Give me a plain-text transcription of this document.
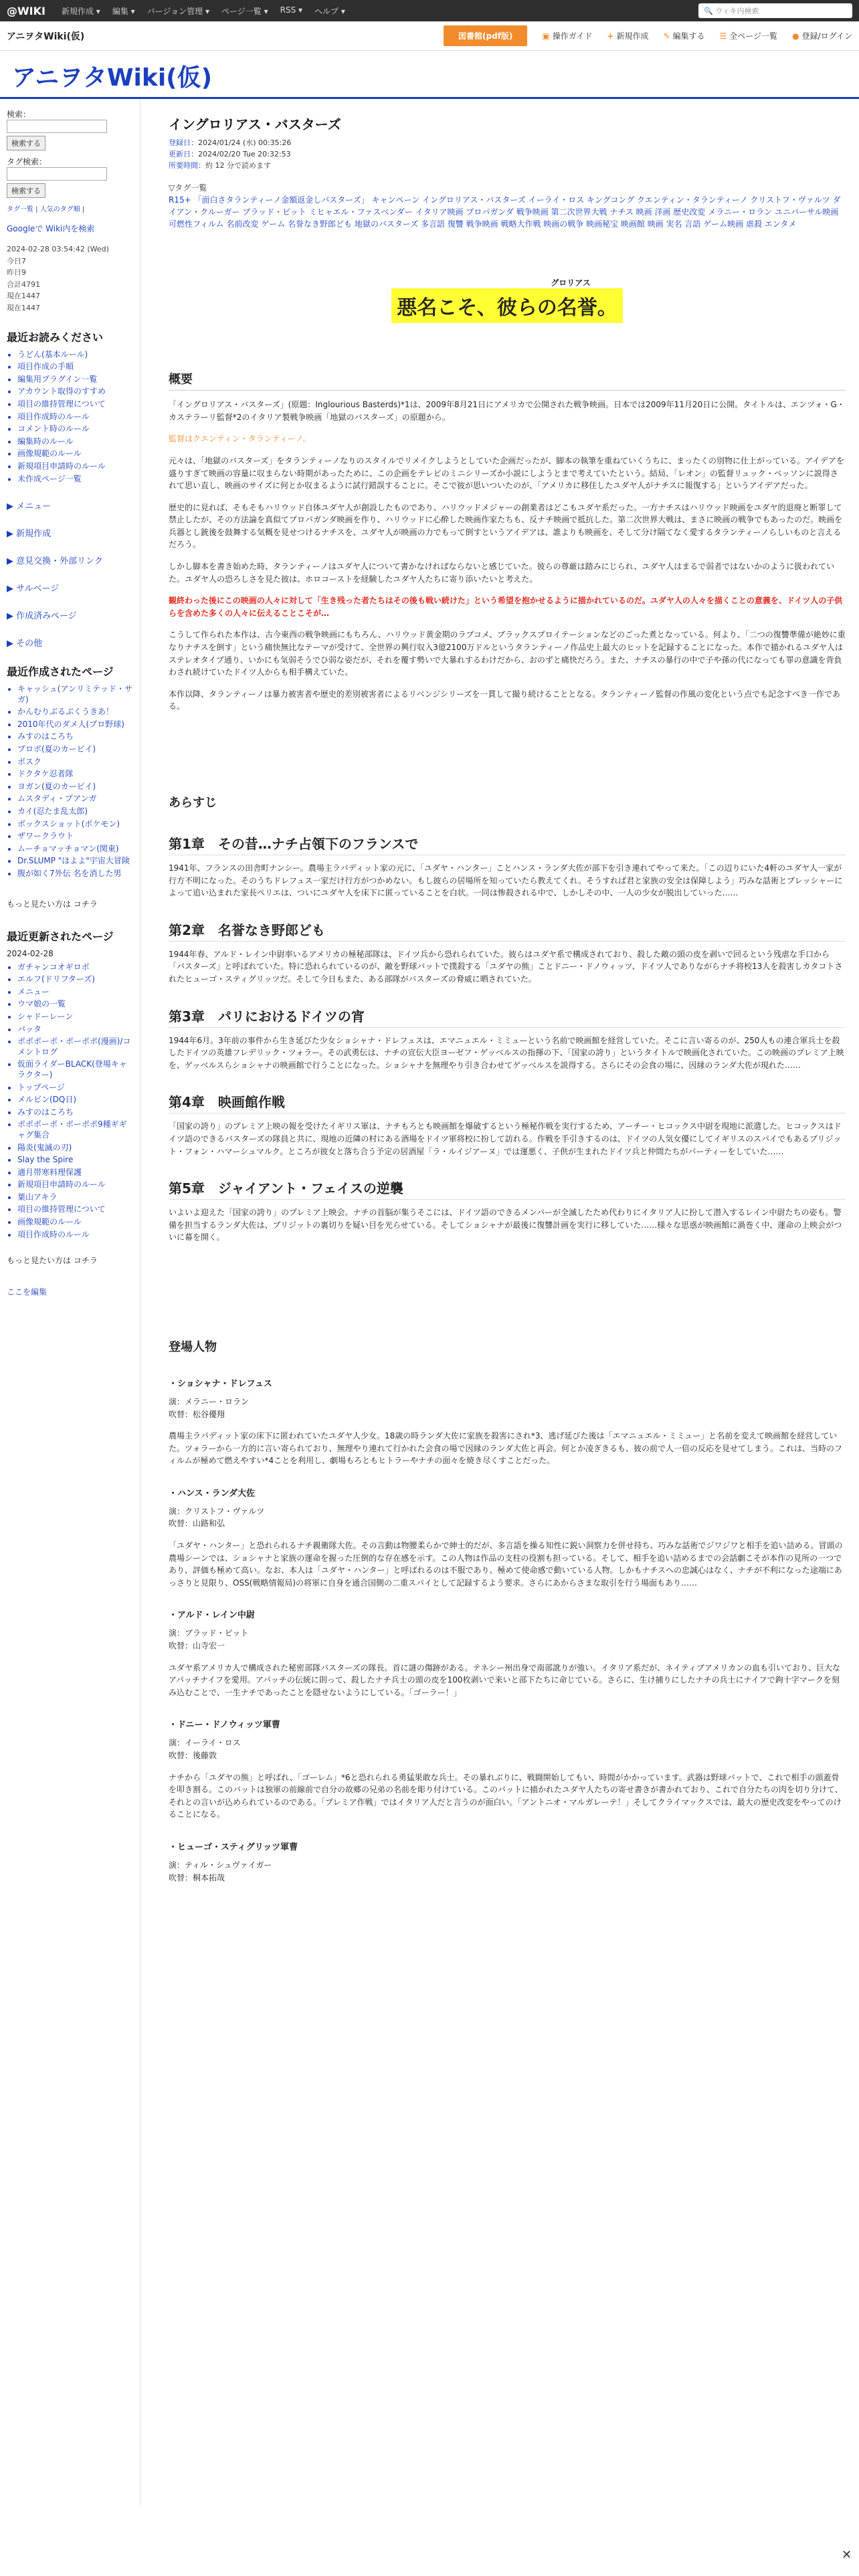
@WIKI 新規作成 ▾ 編集 ▾ バージョン管理 ▾ ページ一覧 ▾ RSS ▾ ヘルプ ▾	🔍 ウィキ内検索
アニヲタWiki(仮)	図書館(pdf版)	▣ 操作ガイド + 新規作成 ✎ 編集する ☰ 全ページ一覧 ● 登録/ログイン
アニヲタWiki(仮)
検索：
検索する
タグ検索：
検索する
タグ一覧 | 人気のタグ順 |
Googleで Wiki内を検索
2024-02-28 03:54:42 (Wed)
今日7
昨日9
合計4791
現在1447
現在1447
最近お読みください
• うどん(基本ルール)
• 項目作成の手順
• 編集用プラグイン一覧
• アカウント取得のすすめ
• 項目の維持管理について
• 項目作成時のルール
• コメント時のルール
• 編集時のルール
• 画像規範のルール
• 新規項目申請時のルール
• 未作成ページ一覧
▶ メニュー
▶ 新規作成
▶ 意見交換・外部リンク
▶ サルベージ
▶ 作成済みページ
▶ その他
最近作成されたページ
• キャッシュ(アンリミテッド・サガ)
• かんむりぶるぶくうきあ！
• 2010年代のダメ人(プロ野球)
• みすのはころち
• プロポ(夏のカービイ)
• ボスク
• ドクタケ忍者隊
• ヨガン(夏のカービイ)
• ムスタディ・プアンガ
• カイ(忍たま乱太郎)
• ボックスショット(ポケモン)
• ザワークラウト
• ムーチョマッチョマン(関東)
• Dr.SLUMP "ほよよ"宇宙大冒険
• 腹が如く7外伝 名を消した男
もっと見たい方は コチラ
最近更新されたページ
2024-02-28
• ガチャンコオギロボ
• エルフ(ドリフターズ)
• メニュー
• ウマ娘の一覧
• シャドーレーン
• バッタ
• ポポポーポ・ポーポポ(漫画)/コメントログ
• 仮面ライダーBLACK(登場キャラクター)
• トップページ
• メルビン(DQ日)
• みすのはころち
• ポポポーポ・ポーポポ9種ギギャグ集合
• 陽炎(鬼滅の刃)
• Slay the Spire
• 適月帯寒料理保護
• 新規項目申請時のルール
• 葉山アキラ
• 項目の維持管理について
• 画像規範のルール
• 項目作成時のルール
もっと見たい方は コチラ
ここを編集
イングロリアス・バスターズ
登録日：2024/01/24 (水) 00:35:26
更新日：2024/02/20 Tue 20:32:53
所要時間：約 12 分で読めます
▽タグ一覧
R15+ 「面白さタランティーノ金額返金しバスターズ」 キャンペーン イングロリアス・バスターズ イーライ・ロス キングコング クエンティン・タランティーノ クリストフ・ヴァルツ ダイアン・クルーガー ブラッド・ピット ミヒャエル・ファスベンダー イタリア映画 プロパガンダ 戦争映画 第二次世界大戦 ナチス 映画 洋画 歴史改変 メラニー・ロラン ユニバーサル映画 可燃性フィルム 名前改変 ゲーム 名誉なき野郎ども 地獄のバスターズ 多言語 復讐 戦争映画 戦略大作戦 映画の戦争 映画秘宝 映画館 映画 実名 言語 ゲーム映画 虐殺 エンタメ
グロリアス
悪名こそ、彼らの名誉。
概要

「イングロリアス・バスターズ」(原題：Inglourious Basterds)*1は、2009年8月21日にアメリカで公開された戦争映画。日本では2009年11月20日に公開。タイトルは、エンツォ・G・カステラーリ監督*2のイタリア製戦争映画「地獄のバスターズ」の原題から。

監督はクエンティン・タランティーノ。

元々は、「地獄のバスターズ」をタランティーノなりのスタイルでリメイクしようとしていた企画だったが、脚本の執筆を重ねていくうちに、まったくの別物に仕上がっている。アイデアを盛りすぎて映画の容量に収まらない時期があったために、この企画をテレビのミニシリーズか小説にしようとまで考えていたという。結局、「レオン」の監督リュック・ベッソンに説得されて思い直し、映画のサイズに何とか収まるように試行錯誤することに。そこで彼が思いついたのが、「アメリカに移住したユダヤ人がナチスに報復する」というアイデアだった。

歴史的に見れば、そもそもハリウッド自体ユダヤ人が創設したものであり、ハリウッドメジャーの創業者はどこもユダヤ系だった。一方ナチスはハリウッド映画をユダヤ的退廃と断罪して禁止したが、その方法論を真似てプロパガンダ映画を作り、ハリウッドに心酔した映画作家たちも、反ナチ映画で抵抗した。第二次世界大戦は、まさに映画の戦争でもあったのだ。映画を兵器とし銃後を鼓舞する気概を見せつけるナチスを、ユダヤ人が映画の力でもって倒すというアイデアは、誰よりも映画を、そして分け隔てなく愛するタランティーノらしいものと言えるだろう。

しかし脚本を書き始めた時、タランティーノはユダヤ人について書かなければならないと感じていた。彼らの尊厳は踏みにじられ、ユダヤ人はまるで弱者ではないかのように扱われていた。ユダヤ人の恐ろしさを見た彼は、ホロコーストを経験したユダヤ人たちに寄り添いたいと考えた。

観終わった後にこの映画の人々に対して「生き残った者たちはその後も戦い続けた」という希望を抱かせるように描かれているのだ。ユダヤ人の人々を描くことの意義を、ドイツ人の子供らを含めた多くの人々に伝えることこそが…

こうして作られた本作は、古今東西の戦争映画にもちろん、ハリウッド黄金期のラブコメ、ブラックスプロイテーションなどのごった煮となっている。何より、「二つの復讐準備が絶妙に重なりナチスを倒す」という痛快無比なテーマが受けて、全世界の興行収入3億2100万ドルというタランティーノ作品史上最大のヒットを記録することになった。本作で描かれるユダヤ人はステレオタイプ通り、いかにも気弱そうでひ弱な姿だが、それを覆す勢いで大暴れするわけだから、おのずと痛快だろう。また、ナチスの暴行の中で子や孫の代になっても罪の意識を背負わされ続けていたドイツ人からも相手構えていた。

本作以降、タランティーノは暴力被害者や歴史的差別被害者によるリベンジシリーズを一貫して撮り続けることとなる。タランティーノ監督の作風の変化という点でも記念すべき一作である。

あらすじ
第1章　その昔…ナチ占領下のフランスで

1941年、フランスの田舎町ナンシー。農場主ラパディット家の元に、「ユダヤ・ハンター」ことハンス・ランダ大佐が部下を引き連れてやって来た。「この辺りにいた4軒のユダヤ人一家が行方不明になった。そのうちドレフュス一家だけ行方がつかめない。もし彼らの居場所を知っていたら教えてくれ。そうすれば君と家族の安全は保障しよう」巧みな話術とプレッシャーによって追い込まれた家長ペリエは、ついにユダヤ人を床下に匿っていることを白状。一同は惨殺される中で、しかしその中、一人の少女が脱出していった……

第2章　名誉なき野郎ども

1944年春、アルド・レイン中尉率いるアメリカの極秘部隊は、ドイツ兵から恐れられていた。彼らはユダヤ系で構成されており、殺した敵の頭の皮を剥いで回るという残虐な手口から「バスターズ」と呼ばれていた。特に恐れられているのが、敵を野球バットで撲殺する「ユダヤの熊」ことドニー・ドノウィッツ、ドイツ人でありながらナチ将校13人を殺害しカタコトされたヒューゴ・スティグリッツだ。そして今日もまた、ある部隊がバスターズの脅威に晒されていた。

第3章　パリにおけるドイツの宵

1944年6月。3年前の事件から生き延びた少女ショシャナ・ドレフュスは、エマニュエル・ミミューという名前で映画館を経営していた。そこに言い寄るのが、250人もの連合軍兵士を殺したドイツの英雄フレデリック・ツォラー。その武勇伝は、ナチの宣伝大臣ヨーゼフ・ゲッベルスの指揮の下、「国家の誇り」というタイトルで映画化されていた。この映画のプレミア上映を、ゲッベルスらショシャナの映画館で行うことになった。ショシャナを無理やり引き合わせてゲッベルスを説得する。さらにその会食の場に、因縁のランダ大佐が現れた……

第4章　映画館作戦

「国家の誇り」のプレミア上映の報を受けたイギリス軍は、ナチもろとも映画館を爆破するという極秘作戦を実行するため、アーチー・ヒコックス中尉を現地に派遣した。ヒコックスはドイツ語のできるバスターズの隊員と共に、現地の近隣の村にある酒場をドイツ軍将校に扮して訪れる。作戦を手引きするのは、ドイツの人気女優にしてイギリスのスパイでもあるブリジット・フォン・ハマーシュマルク。ところが彼女と落ち合う予定の居酒屋「ラ・ルイジアーヌ」では運悪く、子供が生まれたドイツ兵と仲間たちがパーティーをしていた……

第5章　ジャイアント・フェイスの逆襲

いよいよ迎えた「国家の誇り」のプレミア上映会。ナチの首脳が集うそこには、ドイツ語のできるメンバーが全滅したため代わりにイタリア人に扮して潜入するレイン中尉たちの姿も。警備を担当するランダ大佐は、ブリジットの裏切りを疑い目を光らせている。そしてショシャナが最後に復讐計画を実行に移していた……様々な思惑が映画館に渦巻く中、運命の上映会がついに幕を開く。

登場人物
・ショシャナ・ドレフュス

演：メラニー・ロラン
吹替：松谷優翔

農場主ラパディット家の床下に匿われていたユダヤ人少女。18歳の時ランダ大佐に家族を殺害にされ*3、逃げ延びた後は「エマニュエル・ミミュー」と名前を変えて映画館を経営していた。ツォラーから一方的に言い寄られており、無理やり連れて行かれた会食の場で因縁のランダ大佐と再会。何とか凌ぎきるも、彼の前で人一倍の反応を見せてしまう。これは、当時のフィルムが極めて燃えやすい*4ことを利用し、劇場もろともヒトラーやナチの面々を焼き尽くすことだった。

・ハンス・ランダ大佐

演：クリストフ・ヴァルツ
吹替：山路和弘

「ユダヤ・ハンター」と恐れられるナチ親衛隊大佐。その言動は物腰柔らかで紳士的だが、多言語を操る知性に鋭い洞察力を併せ持ち、巧みな話術でジワジワと相手を追い詰める。冒頭の農場シーンでは、ショシャナと家族の運命を握った圧倒的な存在感を示す。この人物は作品の支柱の役割も担っている。そして、相手を追い詰めるまでの会話劇こそが本作の見所の一つであり、評価も極めて高い。なお、本人は「ユダヤ・ハンター」と呼ばれるのは不服であり、極めて使命感で動いている人物。しかもナチスへの忠誠心はなく、ナチが不利になった途端にあっさりと見限り、OSS(戦略情報局)の将軍に自身を通合国側の二重スパイとして記録するよう要求。さらにあからさまな取引を行う場面もあり……

・アルド・レイン中尉

演：ブラッド・ピット
吹替：山寺宏一

ユダヤ系アメリカ人で構成された秘密部隊バスターズの隊長。首に謎の傷跡がある。テネシー州出身で南部訛りが強い。イタリア系だが、ネイティブアメリカンの血も引いており、巨大なアパッチナイフを愛用。アパッチの伝統に則って、殺したナチ兵士の頭の皮を100枚剥いで来いと部下たちに命じている。さらに、生け捕りにしたナチの兵士にナイフで鉤十字マークを刻み込むことで、一生ナチであったことを隠せないようにしている。「ゴーラー！」

・ドニー・ドノウィッツ軍曹

演：イーライ・ロス
吹替：後藤敦

ナチから「ユダヤの熊」と呼ばれ、「ゴーレム」*6と恐れられる勇猛果敢な兵士。その暴れぶりに、戦闘開始してもい、時間がかかっています。武器は野球バットで、これで相手の頭蓋骨を叩き割る。このバットは独軍の前線前で自分の故郷の兄弟の名前を彫り付けている。このバットに描かれたユダヤ人たちの寄せ書きが書かれており、これで自分たちの肉を切り分けて、それとの言いが込められているのである。「プレミア作戦」ではイタリア人だと言うのが面白い。「アントニオ・マルガレーテ！」そしてクライマックスでは、最大の歴史改変をやってのけることになる。

・ヒューゴ・スティグリッツ軍曹

演：ティル・シュヴァイガー
吹替：桐本拓哉

✕
